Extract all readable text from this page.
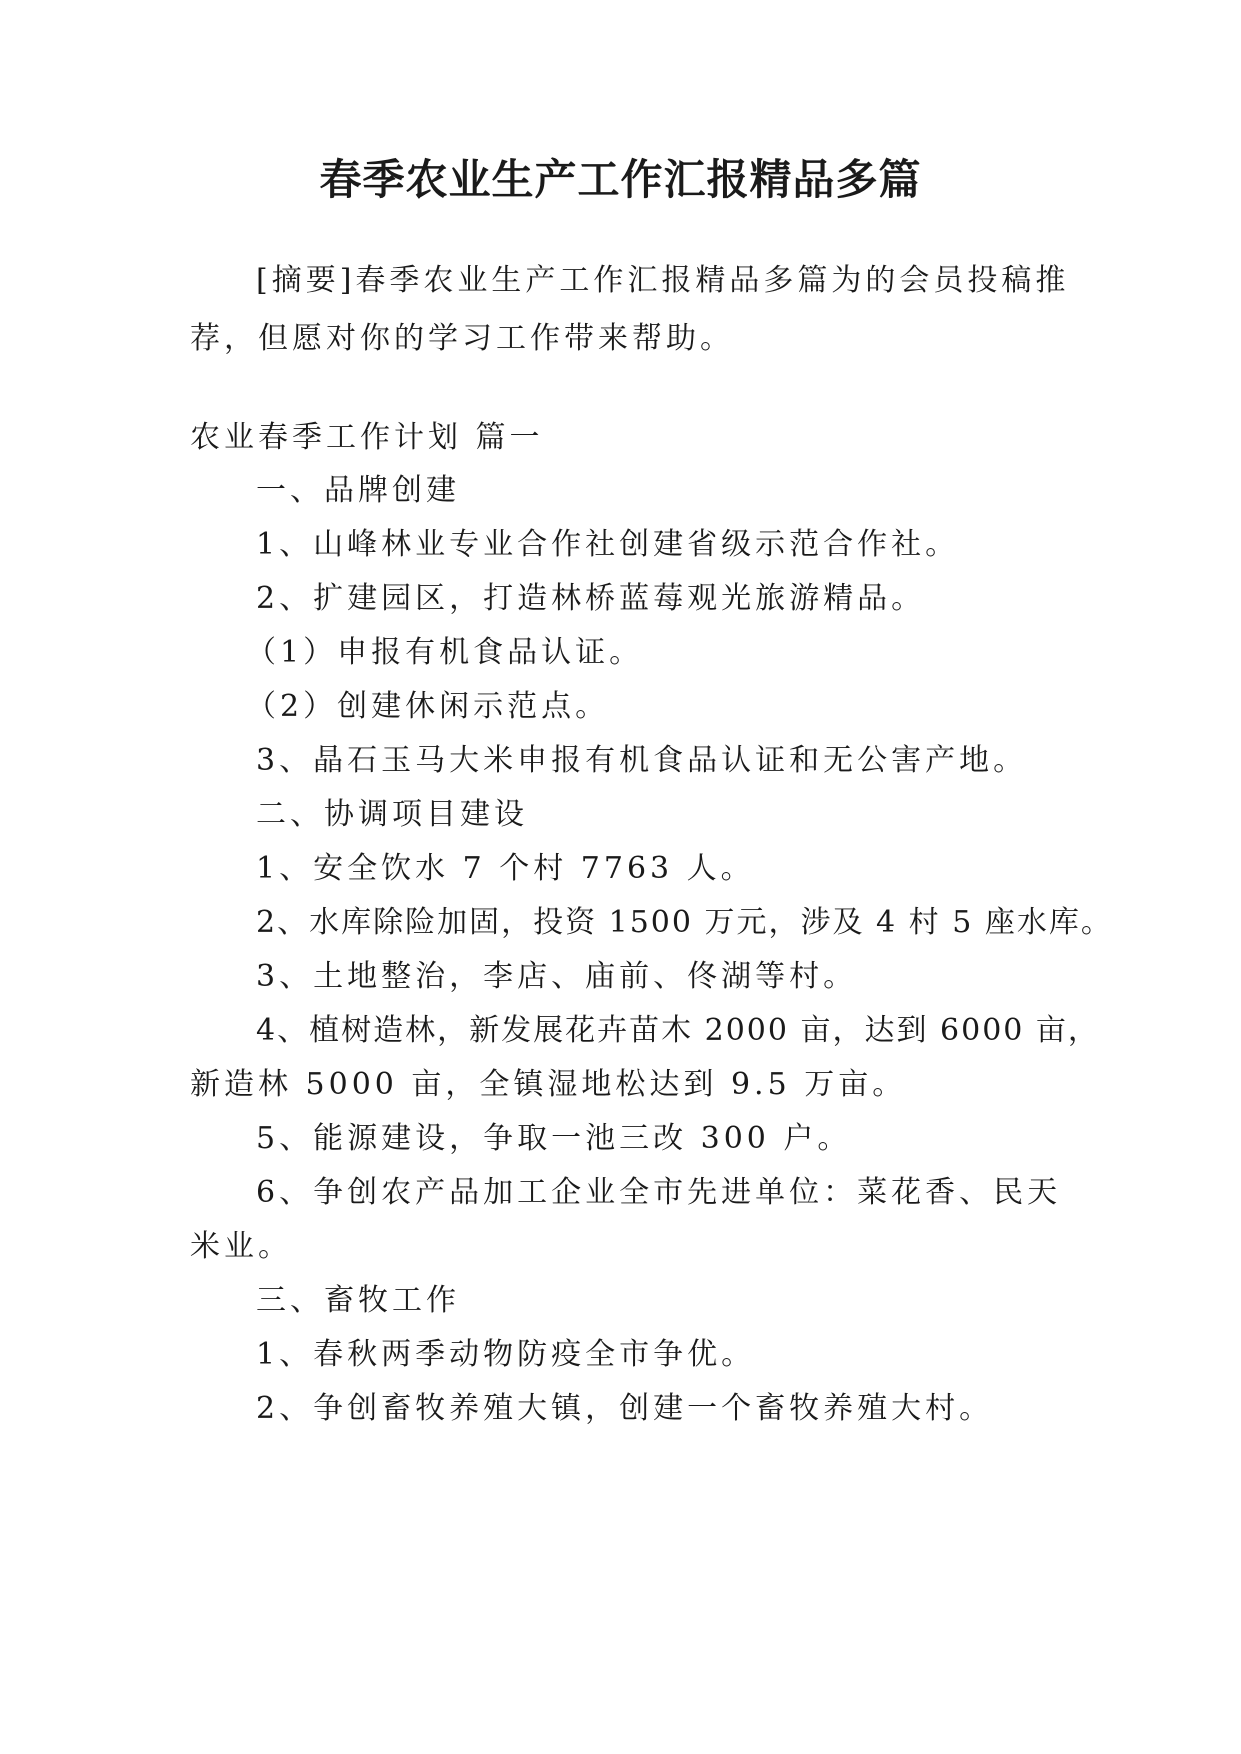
春季农业生产工作汇报精品多篇
[摘要]春季农业生产工作汇报精品多篇为的会员投稿推
荐，但愿对你的学习工作带来帮助。
农业春季工作计划 篇一
一、品牌创建
1、山峰林业专业合作社创建省级示范合作社。
2、扩建园区，打造林桥蓝莓观光旅游精品。
（1）申报有机食品认证。
（2）创建休闲示范点。
3、晶石玉马大米申报有机食品认证和无公害产地。
二、协调项目建设
1、安全饮水 7 个村 7763 人。
2、水库除险加固，投资 1500 万元，涉及 4 村 5 座水库。
3、土地整治，李店、庙前、佟湖等村。
4、植树造林，新发展花卉苗木 2000 亩，达到 6000 亩，
新造林 5000 亩，全镇湿地松达到 9.5 万亩。
5、能源建设，争取一池三改 300 户。
6、争创农产品加工企业全市先进单位：菜花香、民天
米业。
三、畜牧工作
1、春秋两季动物防疫全市争优。
2、争创畜牧养殖大镇，创建一个畜牧养殖大村。
